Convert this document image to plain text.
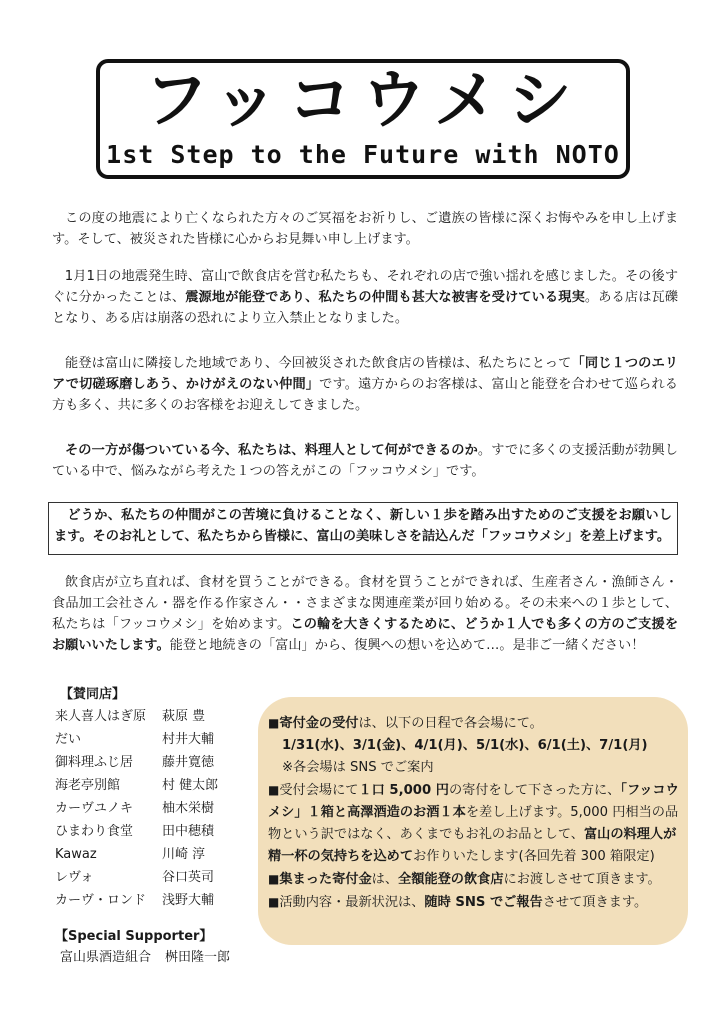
フッコウメシ
1st Step to the Future with NOTO

この度の地震により亡くなられた方々のご冥福をお祈りし、ご遺族の皆様に深くお悔やみを申し上げます。そして、被災された皆様に心からお見舞い申し上げます。

1月1日の地震発生時、富山で飲食店を営む私たちも、それぞれの店で強い揺れを感じました。その後すぐに分かったことは、震源地が能登であり、私たちの仲間も甚大な被害を受けている現実。ある店は瓦礫となり、ある店は崩落の恐れにより立入禁止となりました。

能登は富山に隣接した地域であり、今回被災された飲食店の皆様は、私たちにとって「同じ１つのエリアで切磋琢磨しあう、かけがえのない仲間」です。遠方からのお客様は、富山と能登を合わせて巡られる方も多く、共に多くのお客様をお迎えしてきました。

その一方が傷ついている今、私たちは、料理人として何ができるのか。すでに多くの支援活動が勃興している中で、悩みながら考えた１つの答えがこの「フッコウメシ」です。

どうか、私たちの仲間がこの苦境に負けることなく、新しい１歩を踏み出すためのご支援をお願いします。そのお礼として、私たちから皆様に、富山の美味しさを詰込んだ「フッコウメシ」を差上げます。

飲食店が立ち直れば、食材を買うことができる。食材を買うことができれば、生産者さん・漁師さん・食品加工会社さん・器を作る作家さん・・さまざまな関連産業が回り始める。その未来への１歩として、私たちは「フッコウメシ」を始めます。この輪を大きくするために、どうか１人でも多くの方のご支援をお願いいたします。能登と地続きの「富山」から、復興への想いを込めて…。是非ご一緒ください！

【賛同店】
来人喜人はぎ原 萩原 豊
だい	村井大輔
御料理ふじ居 藤井寛徳
海老亭別館	村 健太郎
カーヴユノキ 柚木栄樹
ひまわり食堂 田中穂積
Kawaz	川崎 淳
レヴォ	谷口英司
カーヴ・ロンド 浅野大輔
【Special Supporter】
富山県酒造組合 桝田隆一郎

■寄付金の受付は、以下の日程で各会場にて。

1/31(水)、3/1(金)、4/1(月)、5/1(水)、6/1(土)、7/1(月)

※各会場は SNS でご案内

■受付会場にて１口 5,000 円の寄付をして下さった方に、「フッコウメシ」１箱と高澤酒造のお酒１本を差し上げます。5,000 円相当の品物という訳ではなく、あくまでもお礼のお品として、富山の料理人が精一杯の気持ちを込めてお作りいたします(各回先着 300 箱限定)

■集まった寄付金は、全額能登の飲食店にお渡しさせて頂きます。

■活動内容・最新状況は、随時 SNS でご報告させて頂きます。
